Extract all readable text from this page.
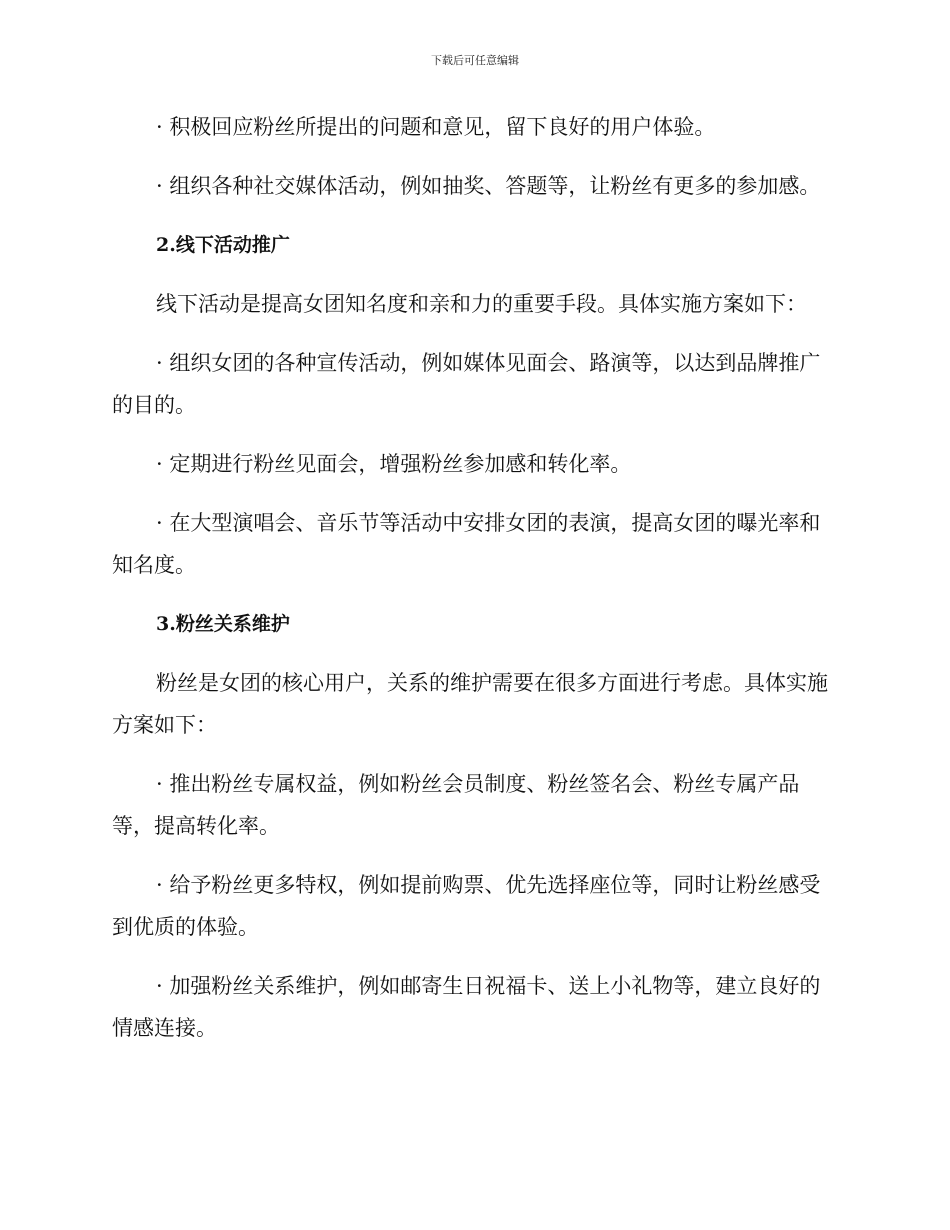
下载后可任意编辑

· 积极回应粉丝所提出的问题和意见，留下良好的用户体验。

· 组织各种社交媒体活动，例如抽奖、答题等，让粉丝有更多的参加感。

2.线下活动推广

线下活动是提高女团知名度和亲和力的重要手段。具体实施方案如下：

· 组织女团的各种宣传活动，例如媒体见面会、路演等，以达到品牌推广的目的。

· 定期进行粉丝见面会，增强粉丝参加感和转化率。

· 在大型演唱会、音乐节等活动中安排女团的表演，提高女团的曝光率和知名度。

3.粉丝关系维护

粉丝是女团的核心用户，关系的维护需要在很多方面进行考虑。具体实施方案如下：

· 推出粉丝专属权益，例如粉丝会员制度、粉丝签名会、粉丝专属产品等，提高转化率。

· 给予粉丝更多特权，例如提前购票、优先选择座位等，同时让粉丝感受到优质的体验。

· 加强粉丝关系维护，例如邮寄生日祝福卡、送上小礼物等，建立良好的情感连接。
